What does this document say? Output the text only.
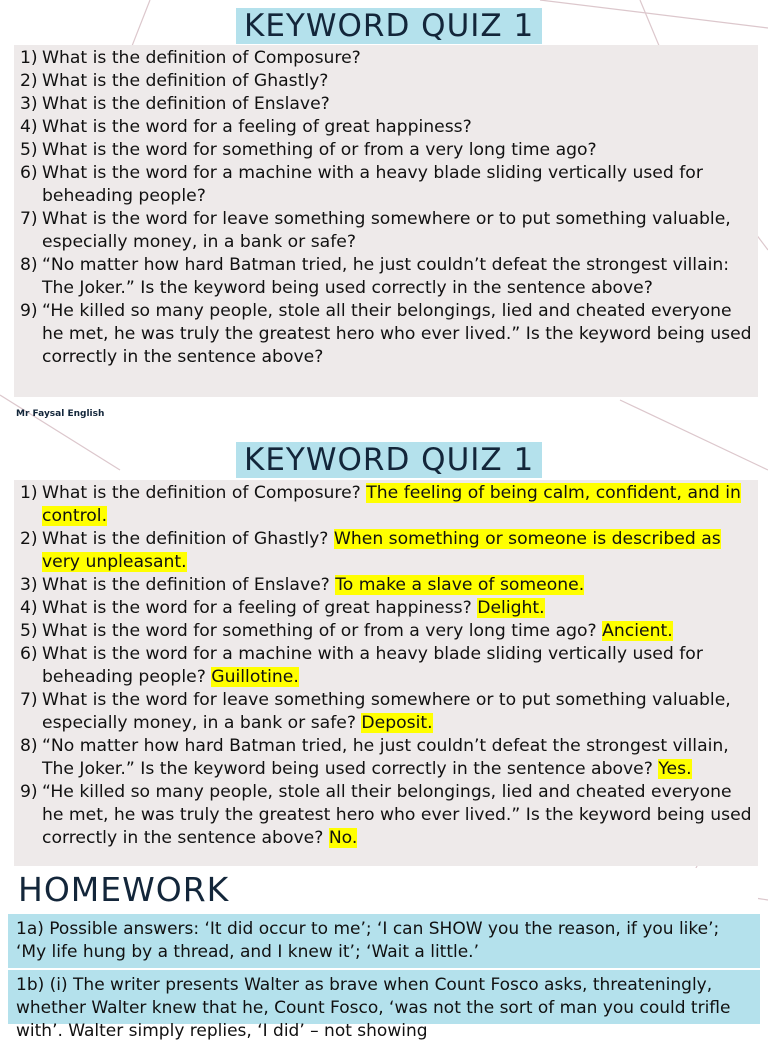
KEYWORD QUIZ 1
1) What is the definition of Composure?
2) What is the definition of Ghastly?
3) What is the definition of Enslave?
4) What is the word for a feeling of great happiness?
5) What is the word for something of or from a very long time ago?
6) What is the word for a machine with a heavy blade sliding vertically used for beheading people?
7) What is the word for leave something somewhere or to put something valuable, especially money, in a bank or safe?
8) “No matter how hard Batman tried, he just couldn’t defeat the strongest villain: The Joker.” Is the keyword being used correctly in the sentence above?
9) “He killed so many people, stole all their belongings, lied and cheated everyone he met, he was truly the greatest hero who ever lived.” Is the keyword being used correctly in the sentence above?
Mr Faysal English
KEYWORD QUIZ 1
1) What is the definition of Composure? The feeling of being calm, confident, and in control.
2) What is the definition of Ghastly? When something or someone is described as very unpleasant.
3) What is the definition of Enslave? To make a slave of someone.
4) What is the word for a feeling of great happiness? Delight.
5) What is the word for something of or from a very long time ago? Ancient.
6) What is the word for a machine with a heavy blade sliding vertically used for beheading people? Guillotine.
7) What is the word for leave something somewhere or to put something valuable, especially money, in a bank or safe? Deposit.
8) “No matter how hard Batman tried, he just couldn’t defeat the strongest villain, The Joker.” Is the keyword being used correctly in the sentence above? Yes.
9) “He killed so many people, stole all their belongings, lied and cheated everyone he met, he was truly the greatest hero who ever lived.” Is the keyword being used correctly in the sentence above? No.
HOMEWORK
1a) Possible answers: ‘It did occur to me’; ‘I can SHOW you the reason, if you like’; ‘My life hung by a thread, and I knew it’; ‘Wait a little.’
1b) (i) The writer presents Walter as brave when Count Fosco asks, threateningly, whether Walter knew that he, Count Fosco, ‘was not the sort of man you could trifle with’. Walter simply replies, ‘I did’ – not showing
